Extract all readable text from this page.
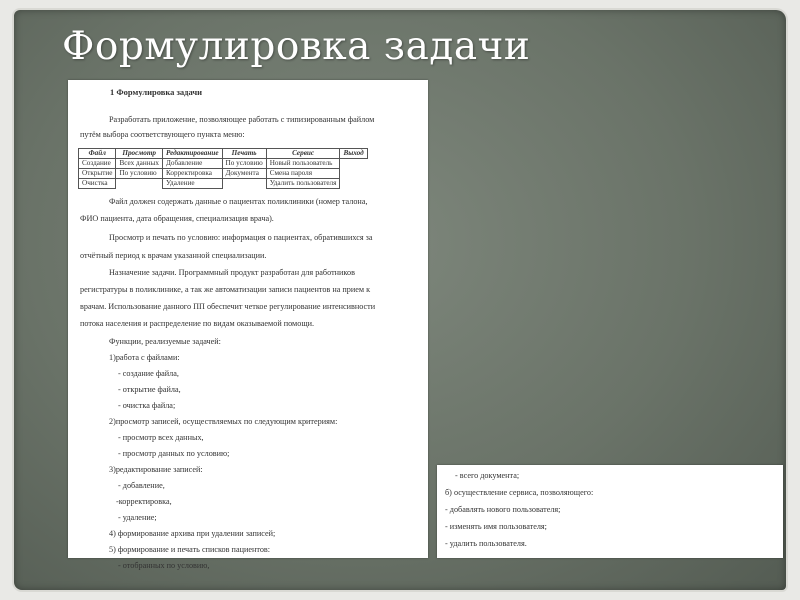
Формулировка задачи
1 Формулировка задачи
Разработать приложение, позволяющее работать с типизированным файлом
путём выбора соответствующего пункта меню:
Файл	Просмотр	Редактирование	Печать	Сервис	Выход
Создание	Всех данных	Добавление	По условию	Новый пользователь	
Открытие	По условию	Корректировка	Документа	Смена пароля	
Очистка		Удаление		Удалить пользователя	
Файл должен содержать данные о пациентах поликлиники (номер талона,
ФИО пациента, дата обращения, специализация врача).
Просмотр и печать по условию: информация о пациентах, обратившихся за
отчётный период к врачам указанной специализации.
Назначение задачи. Программный продукт разработан для работников
регистратуры в поликлинике, а так же автоматизации записи пациентов на прием к
врачам. Использование данного ПП обеспечит четкое регулирование интенсивности
потока населения и распределение по видам оказываемой помощи.
Функции, реализуемые задачей:
1)работа с файлами:
- создание файла,
- открытие файла,
- очистка файла;
2)просмотр записей, осуществляемых по следующим критериям:
- просмотр всех данных,
- просмотр данных по условию;
3)редактирование записей:
- добавление,
-корректировка,
- удаление;
4) формирование архива при удалении записей;
5) формирование и печать списков пациентов:
- отобранных по условию,
- всего документа;
б) осуществление сервиса, позволяющего:
- добавлять нового пользователя;
- изменять имя пользователя;
- удалить пользователя.
